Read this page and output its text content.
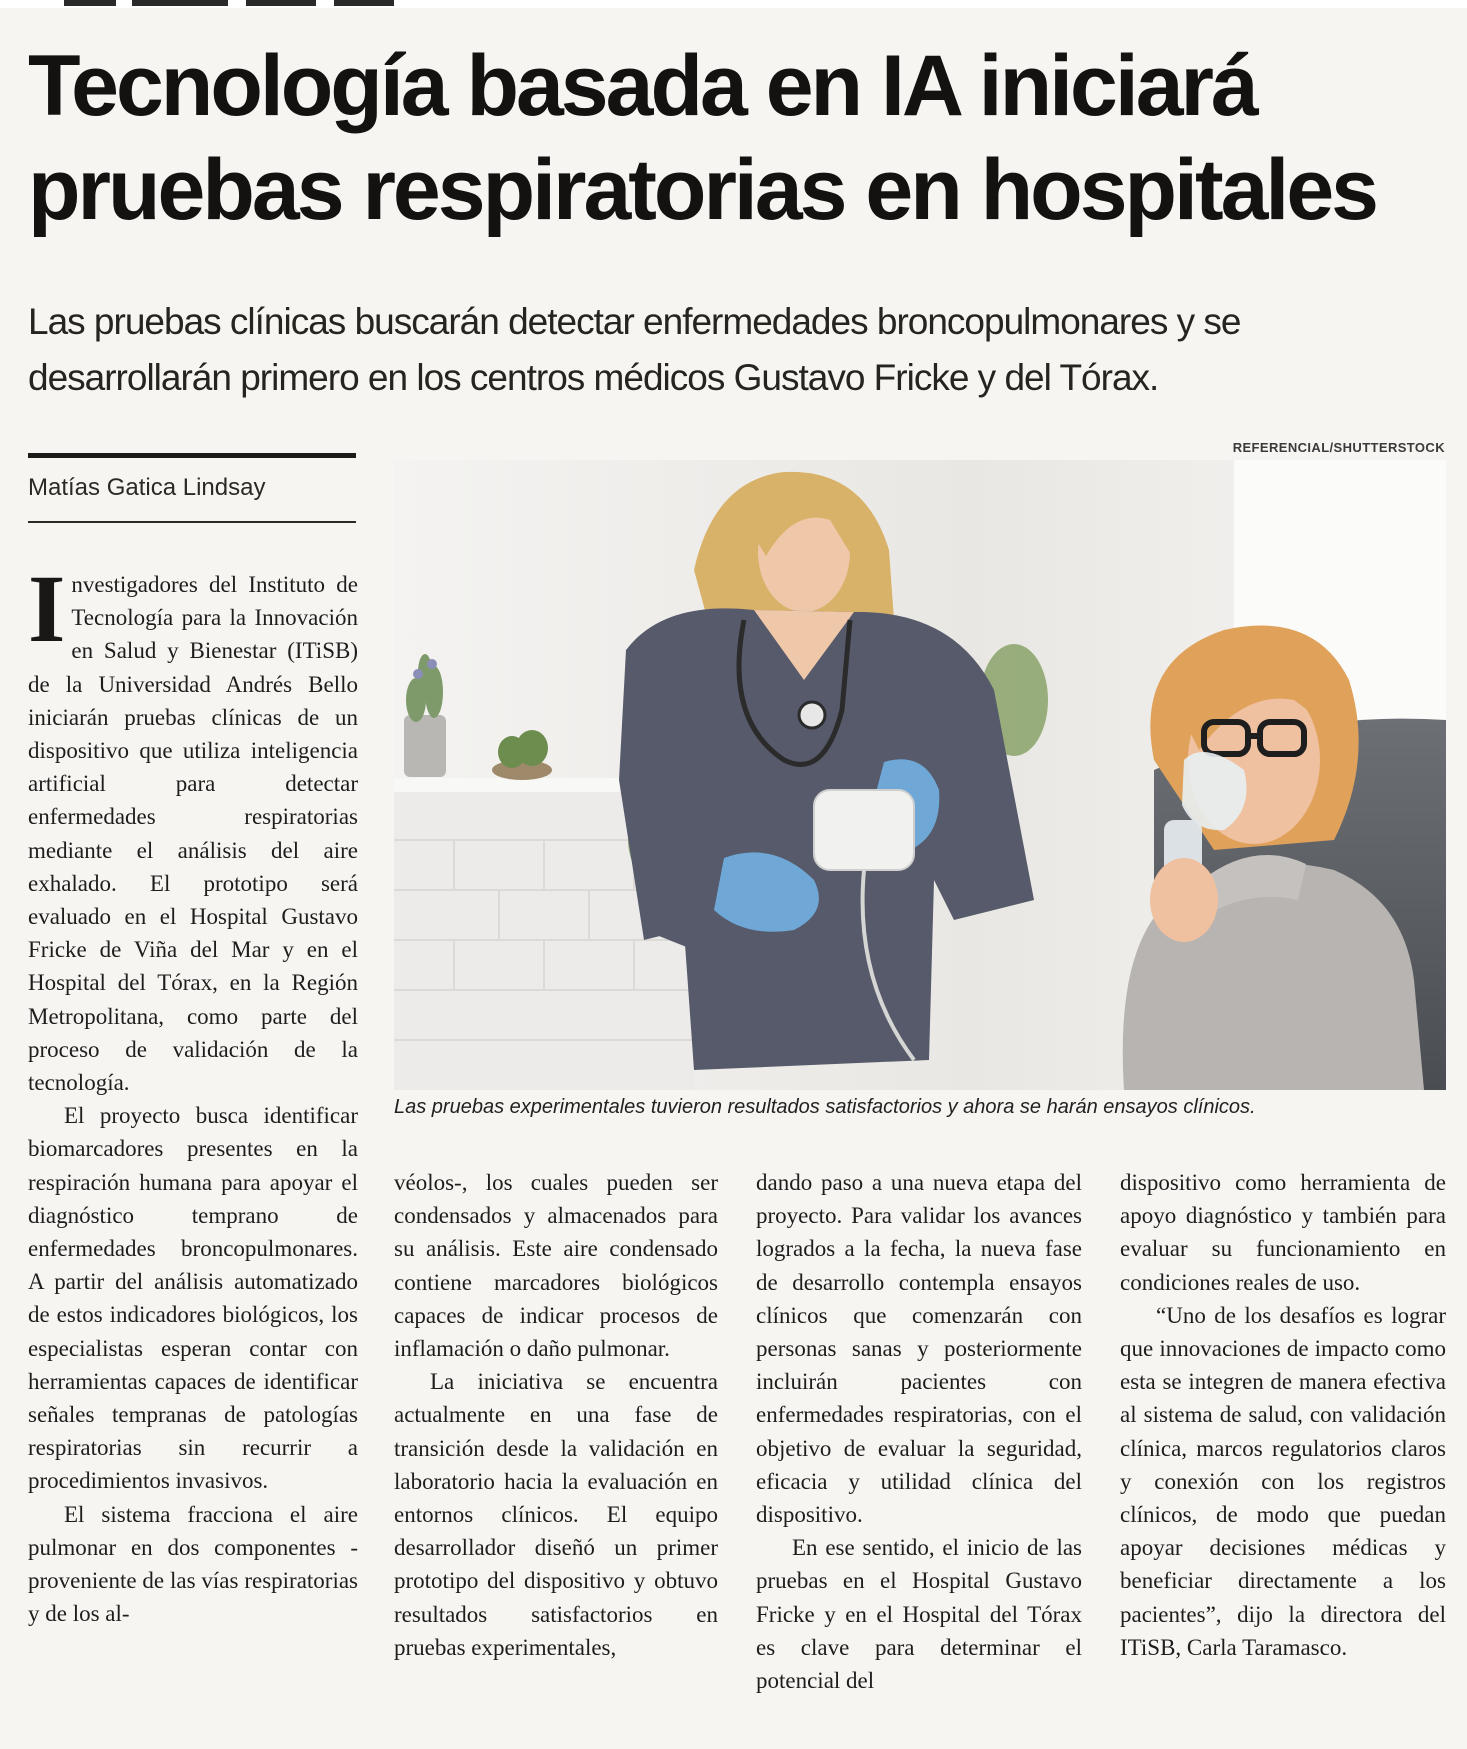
Tecnología basada en IA iniciará
pruebas respiratorias en hospitales

Las pruebas clínicas buscarán detectar enfermedades broncopulmonares y se
desarrollarán primero en los centros médicos Gustavo Fricke y del Tórax.

Matías Gatica Lindsay
REFERENCIAL/SHUTTERSTOCK
Las pruebas experimentales tuvieron resultados satisfactorios y ahora se harán ensayos clínicos.

Investigadores del Instituto de Tecnología para la Innovación en Salud y Bienestar (ITiSB) de la Universidad Andrés Bello iniciarán pruebas clínicas de un dispositivo que utiliza inteligencia artificial para detectar enfermedades respiratorias mediante el análisis del aire exhalado. El prototipo será evaluado en el Hospital Gustavo Fricke de Viña del Mar y en el Hospital del Tórax, en la Región Metropolitana, como parte del proceso de validación de la tecnología.

El proyecto busca identificar biomarcadores presentes en la respiración humana para apoyar el diagnóstico temprano de enfermedades broncopulmonares. A partir del análisis automatizado de estos indicadores biológicos, los especialistas esperan contar con herramientas capaces de identificar señales tempranas de patologías respiratorias sin recurrir a procedimientos invasivos.

El sistema fracciona el aire pulmonar en dos componentes -proveniente de las vías respiratorias y de los al-

véolos-, los cuales pueden ser condensados y almacenados para su análisis. Este aire condensado contiene marcadores biológicos capaces de indicar procesos de inflamación o daño pulmonar.

La iniciativa se encuentra actualmente en una fase de transición desde la validación en laboratorio hacia la evaluación en entornos clínicos. El equipo desarrollador diseñó un primer prototipo del dispositivo y obtuvo resultados satisfactorios en pruebas experimentales,

dando paso a una nueva etapa del proyecto. Para validar los avances logrados a la fecha, la nueva fase de desarrollo contempla ensayos clínicos que comenzarán con personas sanas y posteriormente incluirán pacientes con enfermedades respiratorias, con el objetivo de evaluar la seguridad, eficacia y utilidad clínica del dispositivo.

En ese sentido, el inicio de las pruebas en el Hospital Gustavo Fricke y en el Hospital del Tórax es clave para determinar el potencial del

dispositivo como herramienta de apoyo diagnóstico y también para evaluar su funcionamiento en condiciones reales de uso.

“Uno de los desafíos es lograr que innovaciones de impacto como esta se integren de manera efectiva al sistema de salud, con validación clínica, marcos regulatorios claros y conexión con los registros clínicos, de modo que puedan apoyar decisiones médicas y beneficiar directamente a los pacientes”, dijo la directora del ITiSB, Carla Taramasco.
